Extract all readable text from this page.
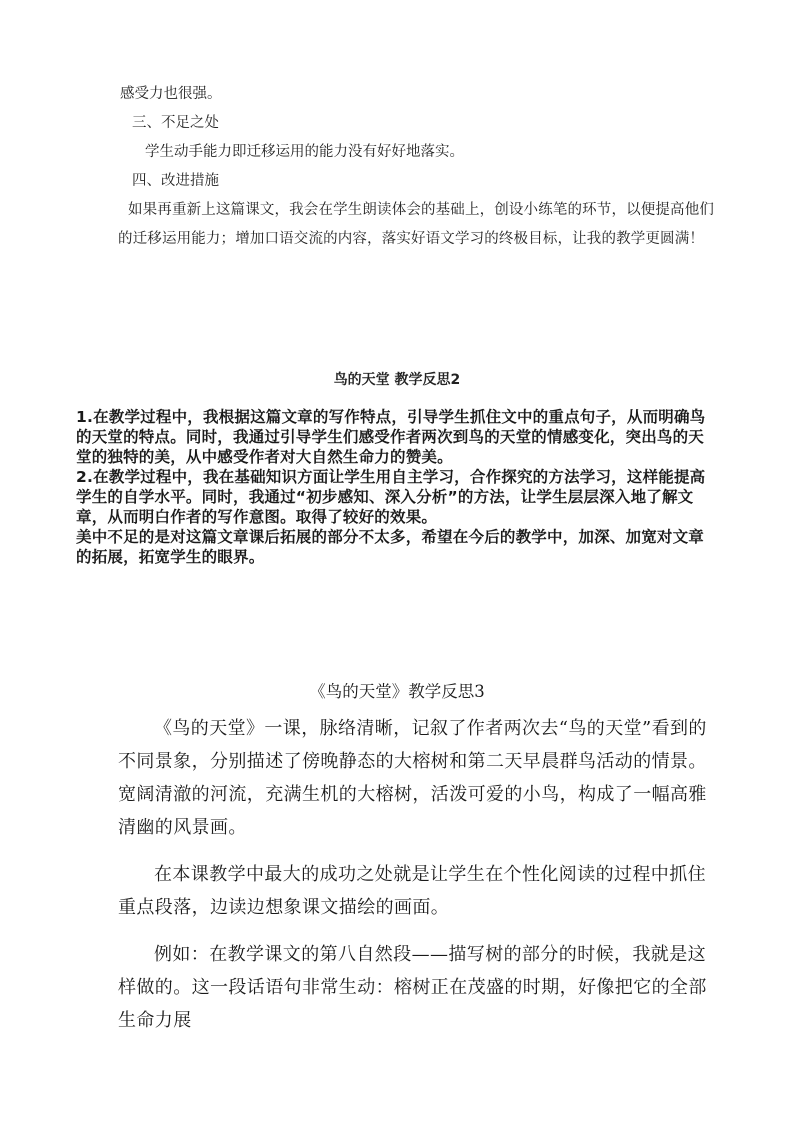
感受力也很强。

三、不足之处

学生动手能力即迁移运用的能力没有好好地落实。

四、改进措施

如果再重新上这篇课文，我会在学生朗读体会的基础上，创设小练笔的环节，以便提高他们的迁移运用能力；增加口语交流的内容，落实好语文学习的终极目标，让我的教学更圆满！

鸟的天堂 教学反思2

1.在教学过程中，我根据这篇文章的写作特点，引导学生抓住文中的重点句子，从而明确鸟的天堂的特点。同时，我通过引导学生们感受作者两次到鸟的天堂的情感变化，突出鸟的天堂的独特的美，从中感受作者对大自然生命力的赞美。

2.在教学过程中，我在基础知识方面让学生用自主学习，合作探究的方法学习，这样能提高学生的自学水平。同时，我通过“初步感知、深入分析”的方法，让学生层层深入地了解文章，从而明白作者的写作意图。取得了较好的效果。

美中不足的是对这篇文章课后拓展的部分不太多，希望在今后的教学中，加深、加宽对文章的拓展，拓宽学生的眼界。

《鸟的天堂》教学反思3

《鸟的天堂》一课，脉络清晰，记叙了作者两次去“鸟的天堂”看到的不同景象，分别描述了傍晚静态的大榕树和第二天早晨群鸟活动的情景。宽阔清澈的河流，充满生机的大榕树，活泼可爱的小鸟，构成了一幅高雅清幽的风景画。

在本课教学中最大的成功之处就是让学生在个性化阅读的过程中抓住重点段落，边读边想象课文描绘的画面。

例如：在教学课文的第八自然段——描写树的部分的时候，我就是这样做的。这一段话语句非常生动：榕树正在茂盛的时期，好像把它的全部生命力展
